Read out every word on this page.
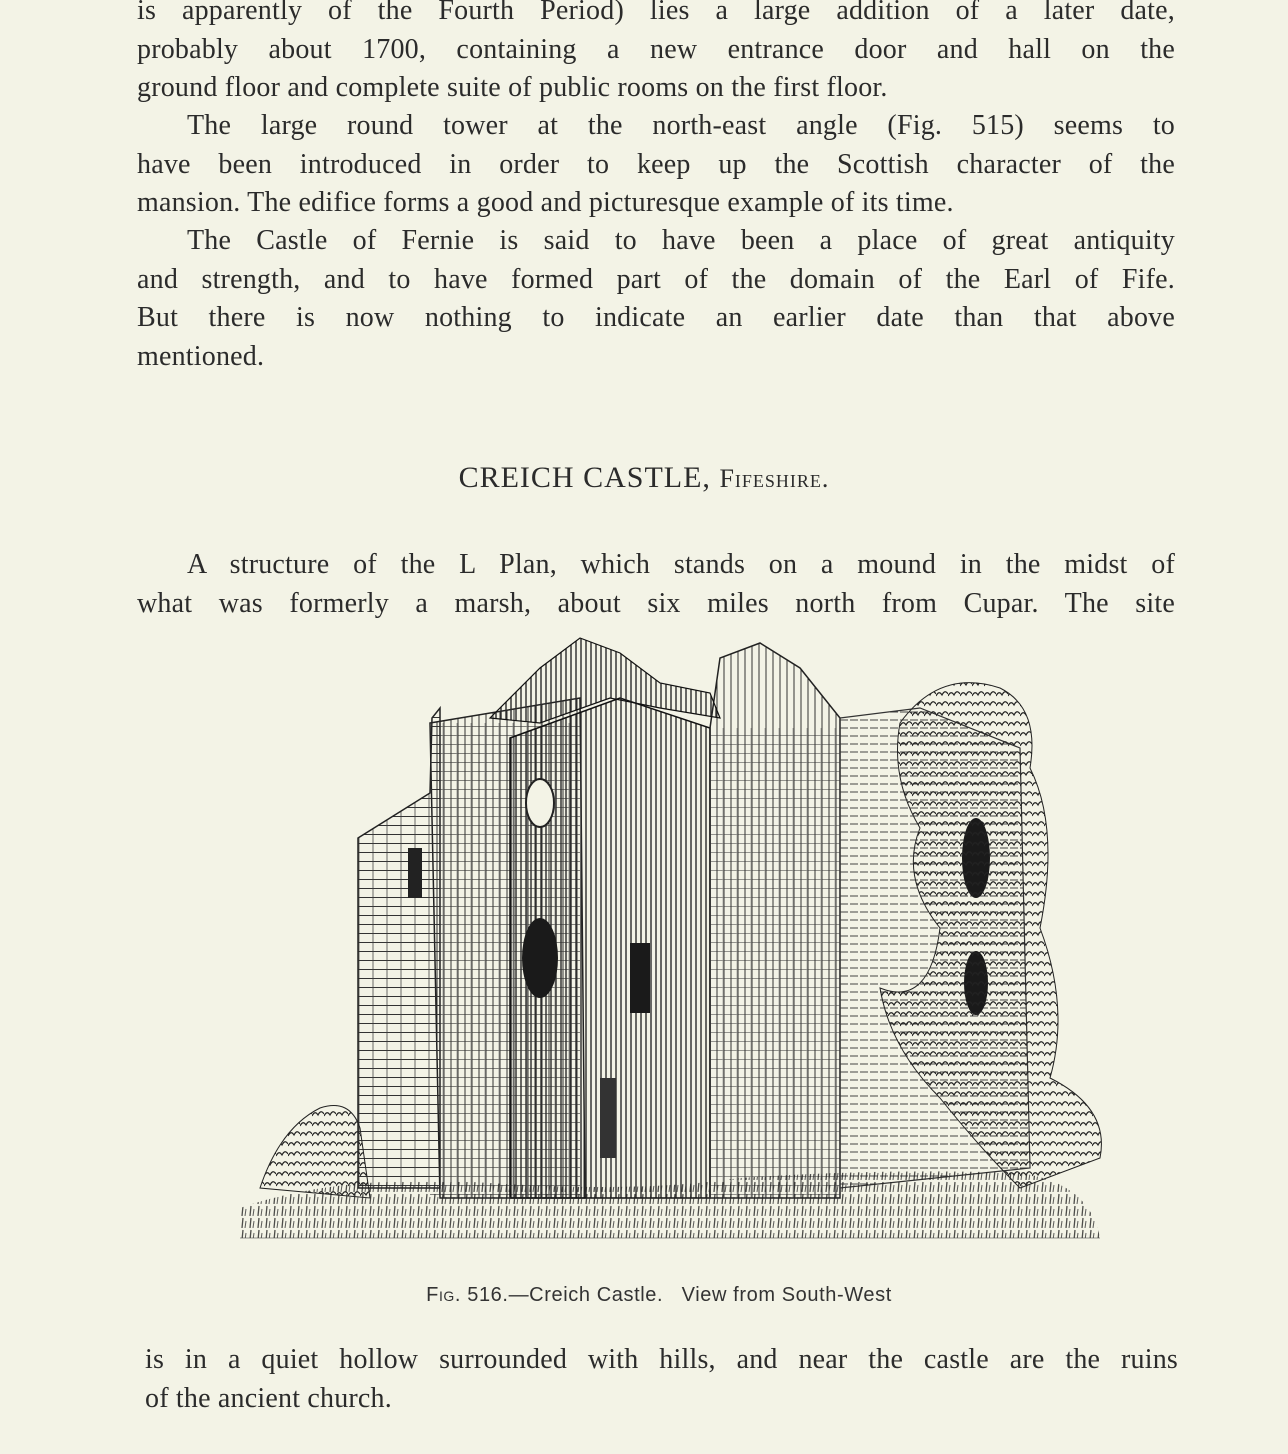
is apparently of the Fourth Period) lies a large addition of a later date,
probably about 1700, containing a new entrance door and hall on the
ground floor and complete suite of public rooms on the first floor.

The large round tower at the north-east angle (Fig. 515) seems to
have been introduced in order to keep up the Scottish character of the
mansion. The edifice forms a good and picturesque example of its time.

The Castle of Fernie is said to have been a place of great antiquity
and strength, and to have formed part of the domain of the Earl of Fife.
But there is now nothing to indicate an earlier date than that above
mentioned.

CREICH CASTLE, Fifeshire.

A structure of the L Plan, which stands on a mound in the midst of
what was formerly a marsh, about six miles north from Cupar. The site

Fig. 516.—Creich Castle.   View from South-West

is in a quiet hollow surrounded with hills, and near the castle are the ruins
of the ancient church.
